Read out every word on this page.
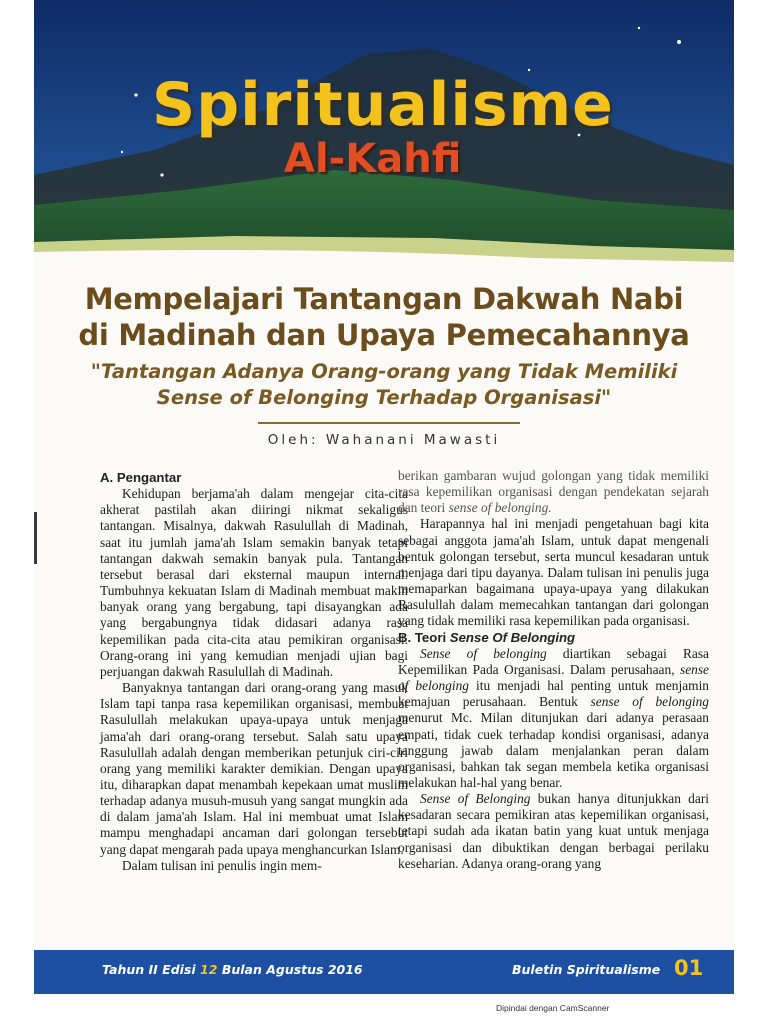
Spiritualisme
Al-Kahfi
Mempelajari Tantangan Dakwah Nabi
di Madinah dan Upaya Pemecahannya
"Tantangan Adanya Orang-orang yang Tidak Memiliki
Sense of Belonging Terhadap Organisasi"
Oleh: Wahanani Mawasti
A. Pengantar

Kehidupan berjama'ah dalam mengejar cita-cita akherat pastilah akan diiringi nikmat sekaligus tantangan. Misalnya, dakwah Rasulullah di Madinah, saat itu jumlah jama'ah Islam semakin banyak tetapi tantangan dakwah semakin banyak pula. Tantangan tersebut berasal dari eksternal maupun internal. Tumbuhnya kekuatan Islam di Madinah membuat makin banyak orang yang bergabung, tapi disayangkan ada yang bergabungnya tidak didasari adanya rasa kepemilikan pada cita-cita atau pemikiran organisasi. Orang-orang ini yang kemudian menjadi ujian bagi perjuangan dakwah Rasulullah di Madinah.

Banyaknya tantangan dari orang-orang yang masuk Islam tapi tanpa rasa kepemilikan organisasi, membuat Rasulullah melakukan upaya-upaya untuk menjaga jama'ah dari orang-orang tersebut. Salah satu upaya Rasulullah adalah dengan memberikan petunjuk ciri-ciri orang yang memiliki karakter demikian. Dengan upaya itu, diharapkan dapat menambah kepekaan umat muslim terhadap adanya musuh-musuh yang sangat mungkin ada di dalam jama'ah Islam. Hal ini membuat umat Islam mampu menghadapi ancaman dari golongan tersebut yang dapat mengarah pada upaya menghancurkan Islam.

Dalam tulisan ini penulis ingin mem-

berikan gambaran wujud golongan yang tidak memiliki rasa kepemilikan organisasi dengan pendekatan sejarah dan teori sense of belonging.

Harapannya hal ini menjadi pengetahuan bagi kita sebagai anggota jama'ah Islam, untuk dapat mengenali bentuk golongan tersebut, serta muncul kesadaran untuk menjaga dari tipu dayanya. Dalam tulisan ini penulis juga memaparkan bagaimana upaya-upaya yang dilakukan Rasulullah dalam memecahkan tantangan dari golongan yang tidak memiliki rasa kepemilikan pada organisasi.

B. Teori Sense Of Belonging

Sense of belonging diartikan sebagai Rasa Kepemilikan Pada Organisasi. Dalam perusahaan, sense of belonging itu menjadi hal penting untuk menjamin kemajuan perusahaan. Bentuk sense of belonging menurut Mc. Milan ditunjukan dari adanya perasaan empati, tidak cuek terhadap kondisi organisasi, adanya tanggung jawab dalam menjalankan peran dalam organisasi, bahkan tak segan membela ketika organisasi melakukan hal-hal yang benar.

Sense of Belonging bukan hanya ditunjukkan dari kesadaran secara pemikiran atas kepemilikan organisasi, tetapi sudah ada ikatan batin yang kuat untuk menjaga organisasi dan dibuktikan dengan berbagai perilaku keseharian. Adanya orang-orang yang

Tahun II Edisi 12 Bulan Agustus 2016	Buletin Spiritualisme 01
Dipindai dengan CamScanner
